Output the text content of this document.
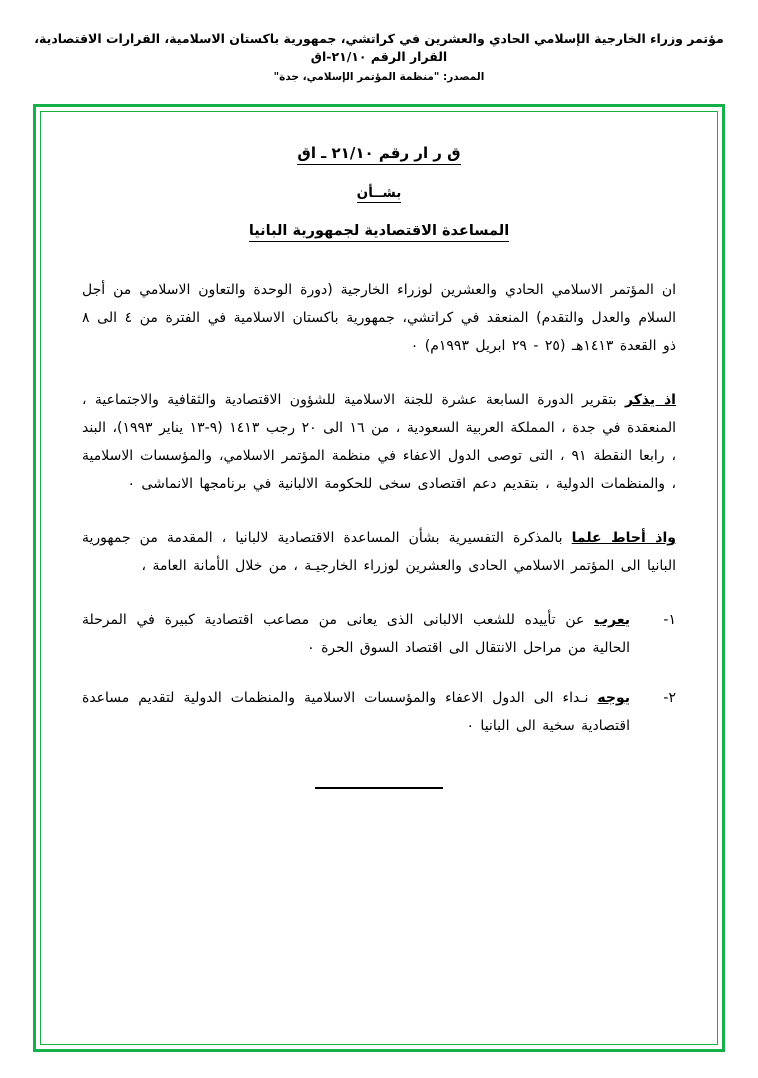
مؤتمر وزراء الخارجية الإسلامي الحادي والعشرين في كراتشي، جمهورية باكستان الاسلامية، القرارات الاقتصادية، القرار الرقم ٢١/١٠-اق
المصدر: "منظمة المؤتمر الإسلامي، جدة"
ق ر ار رقم ٢١/١٠ ـ اق
بشــأن
المساعدة الاقتصادية لجمهورية البانيا

ان المؤتمر الاسلامي الحادي والعشرين لوزراء الخارجية (دورة الوحدة والتعاون الاسلامي من أجل السلام والعدل والتقدم) المنعقد في كراتشي، جمهورية باكستان الاسلامية في الفترة من ٤ الى ٨ ذو القعدة ١٤١٣هـ (٢٥ - ٢٩ ابريل ١٩٩٣م) ٠

اذ يذكر بتقرير الدورة السابعة عشرة للجنة الاسلامية للشؤون الاقتصادية والثقافية والاجتماعية ، المنعقدة في جدة ، المملكة العربية السعودية ، من ١٦ الى ٢٠ رجب ١٤١٣ (٩-١٣ يناير ١٩٩٣)، البند ، رابعا النقطة ٩١ ، التى توصى الدول الاعفاء في منظمة المؤتمر الاسلامي، والمؤسسات الاسلامية ، والمنظمات الدولية ، بتقديم دعم اقتصادى سخى للحكومة الالبانية في برنامجها الانماشى ٠

واذ أحاط علما بالمذكرة التفسيرية بشأن المساعدة الاقتصادية لالبانيا ، المقدمة من جمهورية البانيا الى المؤتمر الاسلامي الحادى والعشرين لوزراء الخارجيـة ، من خلال الأمانة العامة ،

١-
يعرب عن تأييده للشعب الالبانى الذى يعانى من مصاعب اقتصادية كبيرة في المرحلة الحالية من مراحل الانتقال الى اقتصاد السوق الحرة ٠
٢-
يوجه نـداء الى الدول الاعفاء والمؤسسات الاسلامية والمنظمات الدولية لتقديم مساعدة اقتصادية سخية الى البانيا ٠
